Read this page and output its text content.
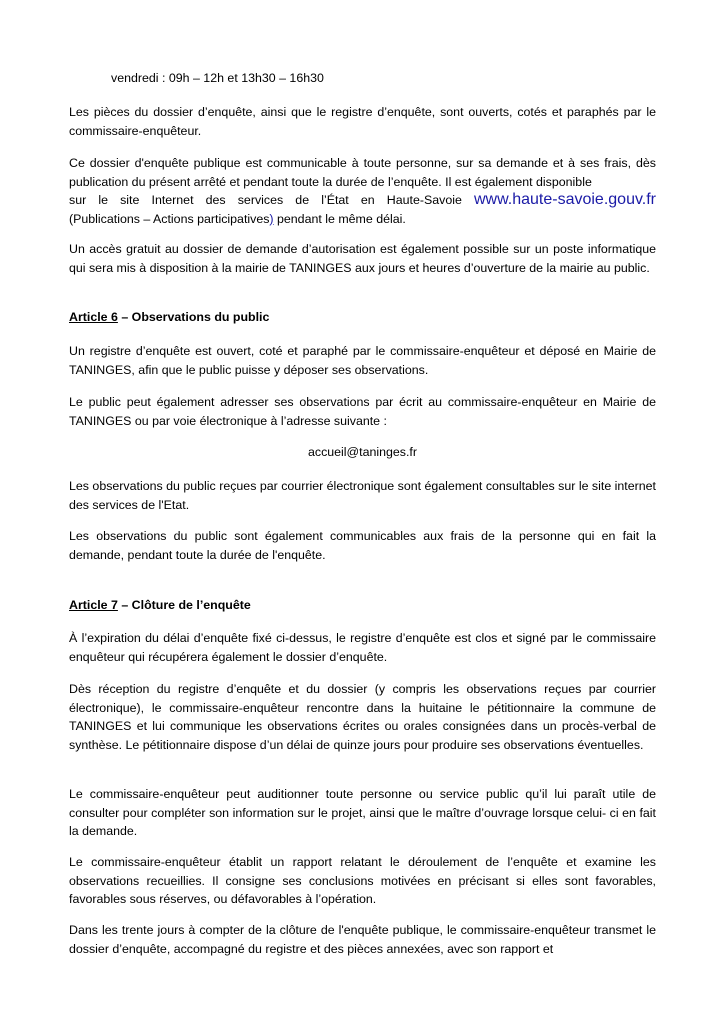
vendredi : 09h – 12h et 13h30 – 16h30

Les pièces du dossier d’enquête, ainsi que le registre d’enquête, sont ouverts, cotés et paraphés par le commissaire-enquêteur.

Ce dossier d'enquête publique est communicable à toute personne, sur sa demande et à ses frais, dès publication du présent arrêté et pendant toute la durée de l’enquête. Il est également disponible
sur le site Internet des services de l’État en Haute-Savoie www.haute-savoie.gouv.fr
(Publications – Actions participatives) pendant le même délai.

Un accès gratuit au dossier de demande d’autorisation est également possible sur un poste informatique qui sera mis à disposition à la mairie de TANINGES aux jours et heures d’ouverture de la mairie au public.

Article 6 – Observations du public

Un registre d’enquête est ouvert, coté et paraphé par le commissaire-enquêteur et déposé en Mairie de TANINGES, afin que le public puisse y déposer ses observations.

Le public peut également adresser ses observations par écrit au commissaire-enquêteur en Mairie de TANINGES ou par voie électronique à l’adresse suivante :

accueil@taninges.fr

Les observations du public reçues par courrier électronique sont également consultables sur le site internet des services de l'Etat.

Les observations du public sont également communicables aux frais de la personne qui en fait la demande, pendant toute la durée de l'enquête.

Article 7 – Clôture de l’enquête

À l’expiration du délai d’enquête fixé ci-dessus, le registre d’enquête est clos et signé par le commissaire enquêteur qui récupérera également le dossier d’enquête.

Dès réception du registre d’enquête et du dossier (y compris les observations reçues par courrier électronique), le commissaire-enquêteur rencontre dans la huitaine le pétitionnaire la commune de TANINGES et lui communique les observations écrites ou orales consignées dans un procès-verbal de synthèse. Le pétitionnaire dispose d’un délai de quinze jours pour produire ses observations éventuelles.

Le commissaire-enquêteur peut auditionner toute personne ou service public qu’il lui paraît utile de consulter pour compléter son information sur le projet, ainsi que le maître d’ouvrage lorsque celui- ci en fait la demande.

Le commissaire-enquêteur établit un rapport relatant le déroulement de l’enquête et examine les observations recueillies. Il consigne ses conclusions motivées en précisant si elles sont favorables, favorables sous réserves, ou défavorables à l’opération.

Dans les trente jours à compter de la clôture de l'enquête publique, le commissaire-enquêteur transmet le dossier d’enquête, accompagné du registre et des pièces annexées, avec son rapport et
